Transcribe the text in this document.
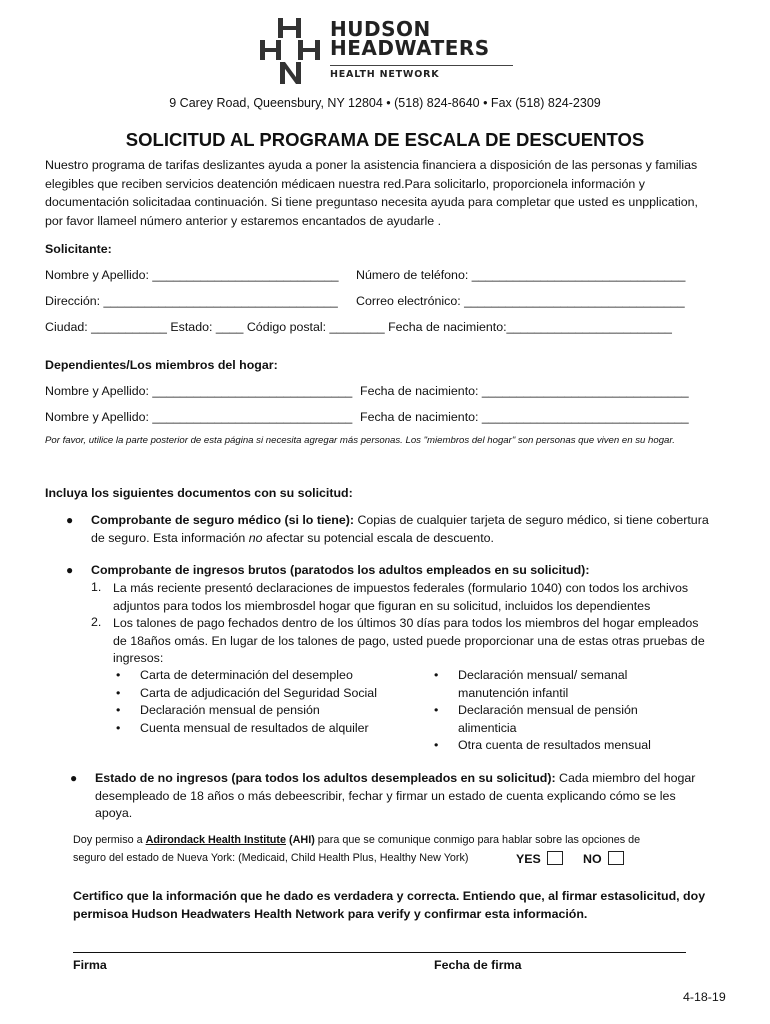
HUDSON
HEADWATERS
HEALTH NETWORK
9 Carey Road, Queensbury, NY 12804 • (518) 824-8640 • Fax (518) 824-2309
SOLICITUD AL PROGRAMA DE ESCALA DE DESCUENTOS
Nuestro programa de tarifas deslizantes ayuda a poner la asistencia financiera a disposición de las personas y familias
elegibles que reciben servicios deatención médicaen nuestra red.Para solicitarlo, proporcionela información y
documentación solicitadaa continuación. Si tiene preguntaso necesita ayuda para completar que usted es unpplication,
por favor llameel número anterior y estaremos encantados de ayudarle .
Solicitante:
Nombre y Apellido: ___________________________ Número de teléfono: _______________________________
Dirección: __________________________________ Correo electrónico: ________________________________
Ciudad: ___________ Estado: ____ Código postal: ________ Fecha de nacimiento:________________________
Dependientes/Los miembros del hogar:
Nombre y Apellido: _____________________________ Fecha de nacimiento: ______________________________
Nombre y Apellido: _____________________________ Fecha de nacimiento: ______________________________
Por favor, utilice la parte posterior de esta página si necesita agregar más personas. Los "miembros del hogar" son personas que viven en su hogar.
Incluya los siguientes documentos con su solicitud:
● Comprobante de seguro médico (si lo tiene): Copias de cualquier tarjeta de seguro médico, si tiene cobertura
de seguro. Esta información no afectar su potencial escala de descuento.
● Comprobante de ingresos brutos (paratodos los adultos empleados en su solicitud):
1. La más reciente presentó declaraciones de impuestos federales (formulario 1040) con todos los archivos
adjuntos para todos los miembrosdel hogar que figuran en su solicitud, incluidos los dependientes
2. Los talones de pago fechados dentro de los últimos 30 días para todos los miembros del hogar empleados
de 18años omás. En lugar de los talones de pago, usted puede proporcionar una de estas otras pruebas de
ingresos:
• Carta de determinación del desempleo
• Carta de adjudicación del Seguridad Social
• Declaración mensual de pensión
• Cuenta mensual de resultados de alquiler
• Declaración mensual/ semanal
manutención infantil
• Declaración mensual de pensión
alimenticia
• Otra cuenta de resultados mensual
● Estado de no ingresos (para todos los adultos desempleados en su solicitud): Cada miembro del hogar
desempleado de 18 años o más debeescribir, fechar y firmar un estado de cuenta explicando cómo se les
apoya.
Doy permiso a Adirondack Health Institute (AHI) para que se comunique conmigo para hablar sobre las opciones de
seguro del estado de Nueva York: (Medicaid, Child Health Plus, Healthy New York)	YES	NO
Certifico que la información que he dado es verdadera y correcta. Entiendo que, al firmar estasolicitud, doy
permisoa Hudson Headwaters Health Network para verify y confirmar esta información.
Firma	Fecha de firma
4-18-19
